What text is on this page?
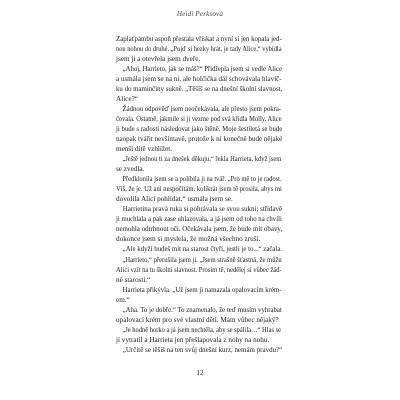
Heidi Perksová
Zaplaťpámbu aspoň přestala vřískat a nyní si jen kopala jed-
nou nohou do druhé. „Pojď si hezky hrát, je tady Alice,“ vybídla
jsem ji a otevřela jsem dveře.
„Ahoj, Harrieto, jak se máš?“ Přidřepla jsem si vedle Alice
a usmála jsem se na ni, ale holčička dál schovávala hlavič-
ku do maminčiny sukně. „Těšíš se na dnešní školní slavnost,
Alice?“
Žádnou odpověď jsem neočekávala, ale přesto jsem pokra-
čovala. Ostatně, jakmile si ji vezme pod svá křídla Molly, Alice
ji bude s radostí následovat jako štěně. Moje šestiletá se bude
naopak tvářit nevšímavě, protože k ní konečně bude nějaké
menší dítě vzhlížet.
„Ještě jednou ti za dnešek děkuju,“ řekla Harrieta, když jsem
se zvedla.
Předklonila jsem se a políbila ji na tvář. „Pro mě to je radost.
Víš, že je. Už ani nespočítám, kolikrát jsem tě prosila, abys mi
dovolila Alici pohlídat,“ usmála jsem se.
Harrietina pravá ruka si pohrávala se svou sukní; střídavě
ji muchlala a pak zase uhlazovala, a já jsem od toho na chvíli
nemohla odtrhnout oči. Očekávala jsem, že bude mít obavy,
dokonce jsem si myslela, že možná všechno zruší.
„Ale kdyží budeš mít na starost čtyři, jestli je to...“ začala.
„Harrieto,“ přerušila jsem ji. „Jsem strašně šťastná, že můžu
Alici vzít na tu školní slavnost. Prosím tě, nedělej si vůbec žád-
né starosti.“
Harrieta přikývla. „Už jsem ji namazala opalovacím krém-
em.“
„Aha. To je dobře.“ To znamenalo, že teď musím vyhrabat
opalovací krém pro své vlastní děti. Mám vůbec nějaký?
„Je hodně horko a já jsem nechtěla, aby se spálila…“ Hlas se
jí vytratil a Harrieta jen přešlapovala z nohy na nohu.
„Určitě se těšíš na ten svůj dnešní kurz, nemám pravdu?“
12
